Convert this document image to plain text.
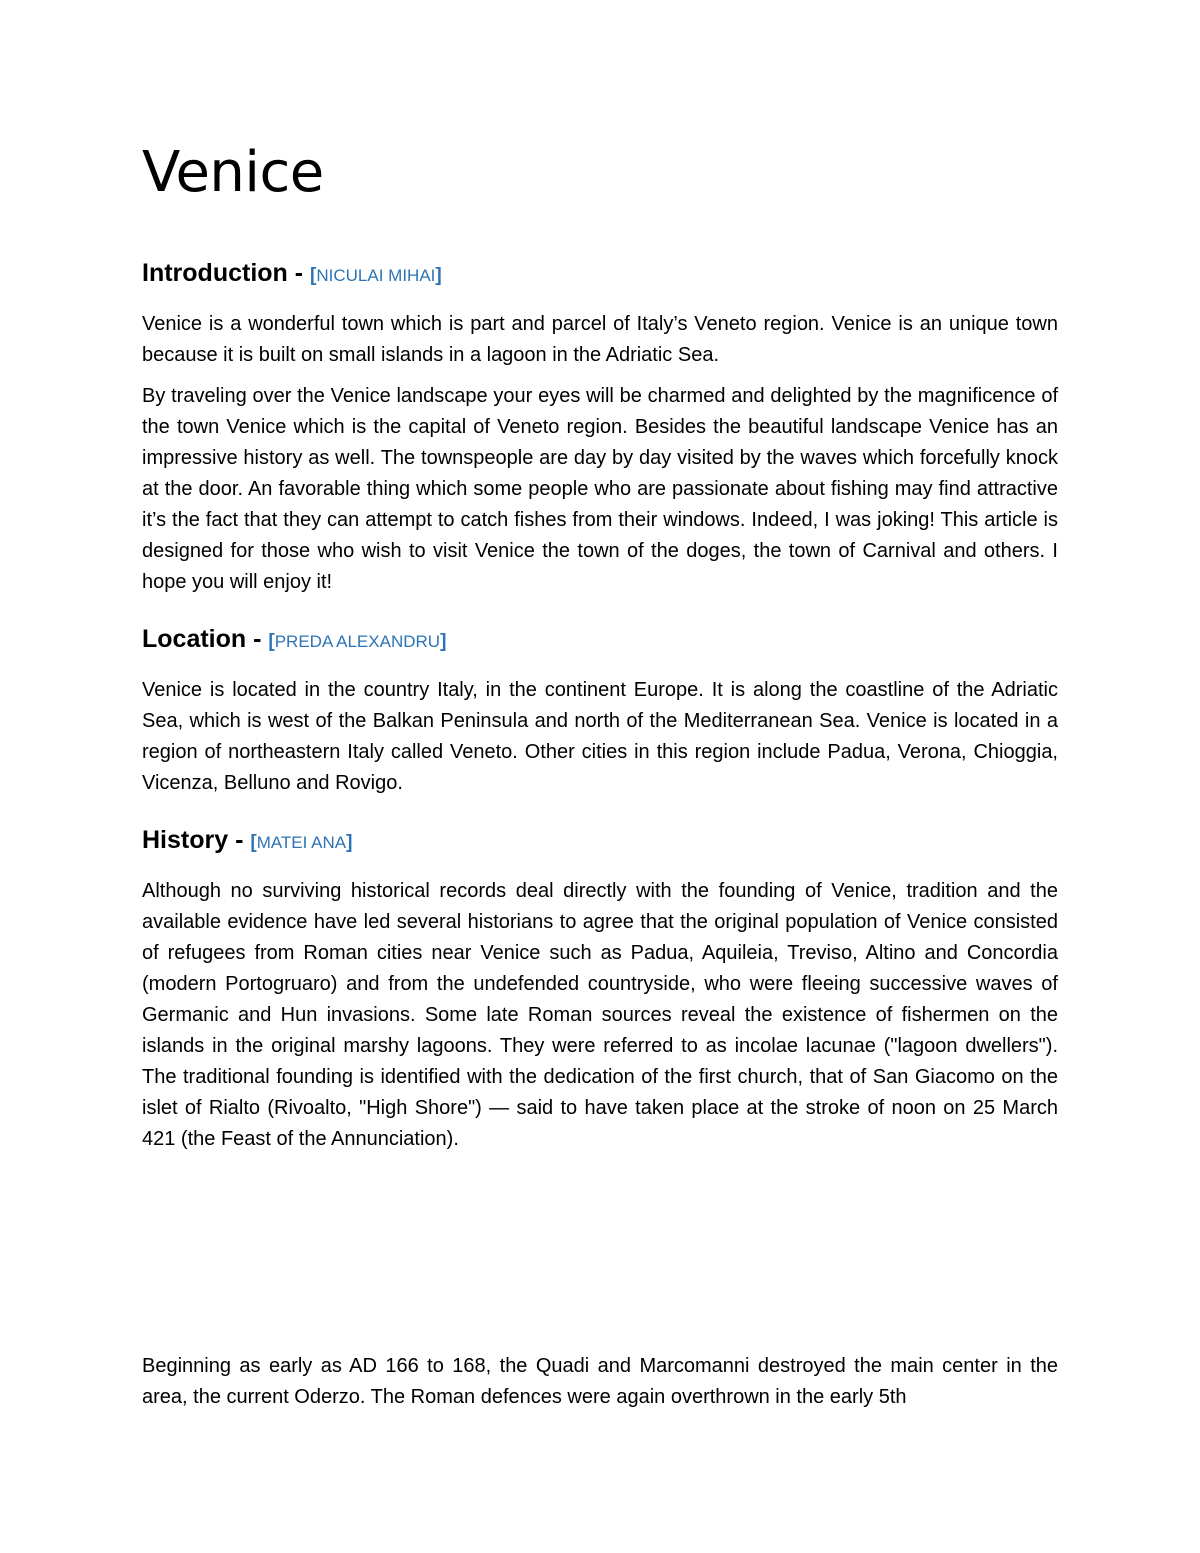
Venice
Introduction - [NICULAI MIHAI]

Venice is a wonderful town which is part and parcel of Italy’s Veneto region. Venice is an unique town because it is built on small islands in a lagoon in the Adriatic Sea.

By traveling over the Venice landscape your eyes will be charmed and delighted by the magnificence of the town Venice which is the capital of Veneto region. Besides the beautiful landscape Venice has an impressive history as well. The townspeople are day by day visited by the waves which forcefully knock at the door. An favorable thing which some people who are passionate about fishing may find attractive it’s the fact that they can attempt to catch fishes from their windows. Indeed, I was joking! This article is designed for those who wish to visit Venice the town of the doges, the town of Carnival and others. I hope you will enjoy it!

Location - [PREDA ALEXANDRU]

Venice is located in the country Italy, in the continent Europe. It is along the coastline of the Adriatic Sea, which is west of the Balkan Peninsula and north of the Mediterranean Sea. Venice is located in a region of northeastern Italy called Veneto. Other cities in this region include Padua, Verona, Chioggia, Vicenza, Belluno and Rovigo.

History - [MATEI ANA]

Although no surviving historical records deal directly with the founding of Venice, tradition and the available evidence have led several historians to agree that the original population of Venice consisted of refugees from Roman cities near Venice such as Padua, Aquileia, Treviso, Altino and Concordia (modern Portogruaro) and from the undefended countryside, who were fleeing successive waves of Germanic and Hun invasions. Some late Roman sources reveal the existence of fishermen on the islands in the original marshy lagoons. They were referred to as incolae lacunae ("lagoon dwellers"). The traditional founding is identified with the dedication of the first church, that of San Giacomo on the islet of Rialto (Rivoalto, "High Shore") — said to have taken place at the stroke of noon on 25 March 421 (the Feast of the Annunciation).

Beginning as early as AD 166 to 168, the Quadi and Marcomanni destroyed the main center in the area, the current Oderzo. The Roman defences were again overthrown in the early 5th
